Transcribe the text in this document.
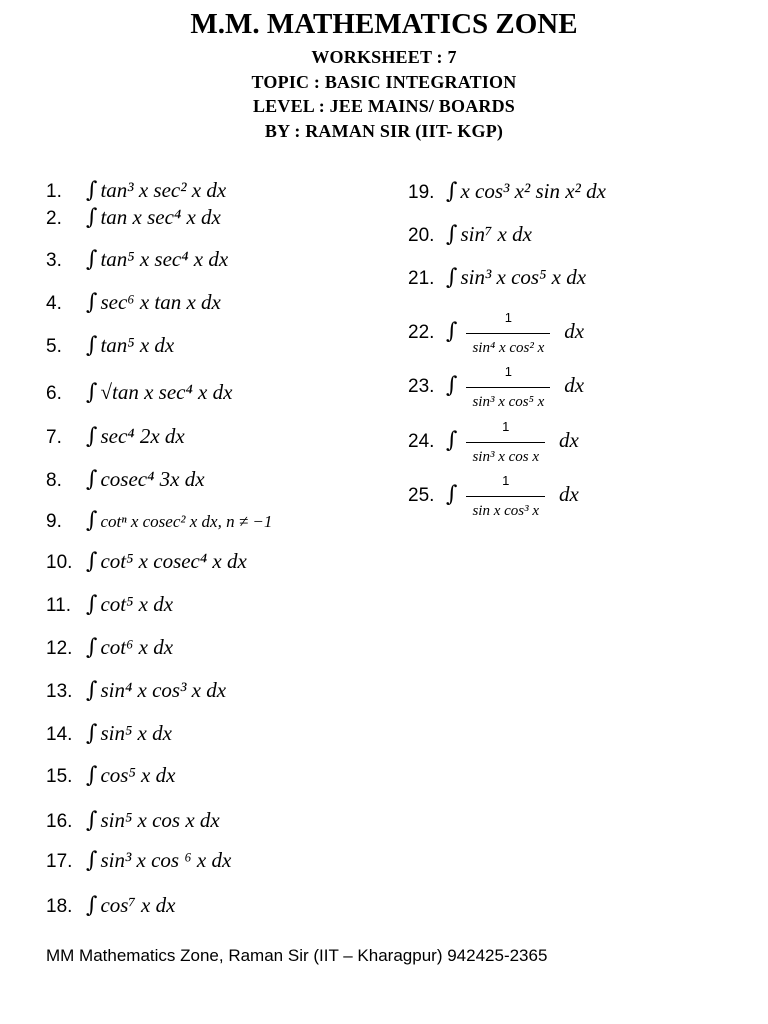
M.M. MATHEMATICS ZONE
WORKSHEET : 7
TOPIC : BASIC INTEGRATION
LEVEL : JEE MAINS/ BOARDS
BY : RAMAN SIR (IIT- KGP)
1. ∫ tan³ x sec² x dx
2. ∫ tan x sec⁴ x dx
3. ∫ tan⁵ x sec⁴ x dx
4. ∫ sec⁶ x tan x dx
5. ∫ tan⁵ x dx
6. ∫ √tan x sec⁴ x dx
7. ∫ sec⁴ 2x dx
8. ∫ cosec⁴ 3x dx
9. ∫ cotⁿ x cosec² x dx, n ≠ −1
10. ∫ cot⁵ x cosec⁴ x dx
11. ∫ cot⁵ x dx
12. ∫ cot⁶ x dx
13. ∫ sin⁴ x cos³ x dx
14. ∫ sin⁵ x dx
15. ∫ cos⁵ x dx
16. ∫ sin⁵ x cos x dx
17. ∫ sin³ x cos ⁶ x dx
18. ∫ cos⁷ x dx
19. ∫ x cos³ x² sin x² dx
20. ∫ sin⁷ x dx
21. ∫ sin³ x cos⁵ x dx
22. ∫ $\frac{1}{\text{sin⁴ x cos² x}}$ dx
23. ∫ $\frac{1}{\text{sin³ x cos⁵ x}}$ dx
24. ∫ $\frac{1}{\text{sin³ x cos x}}$ dx
25. ∫ $\frac{1}{\text{sin x cos³ x}}$ dx
MM Mathematics Zone, Raman Sir (IIT – Kharagpur) 942425-2365
